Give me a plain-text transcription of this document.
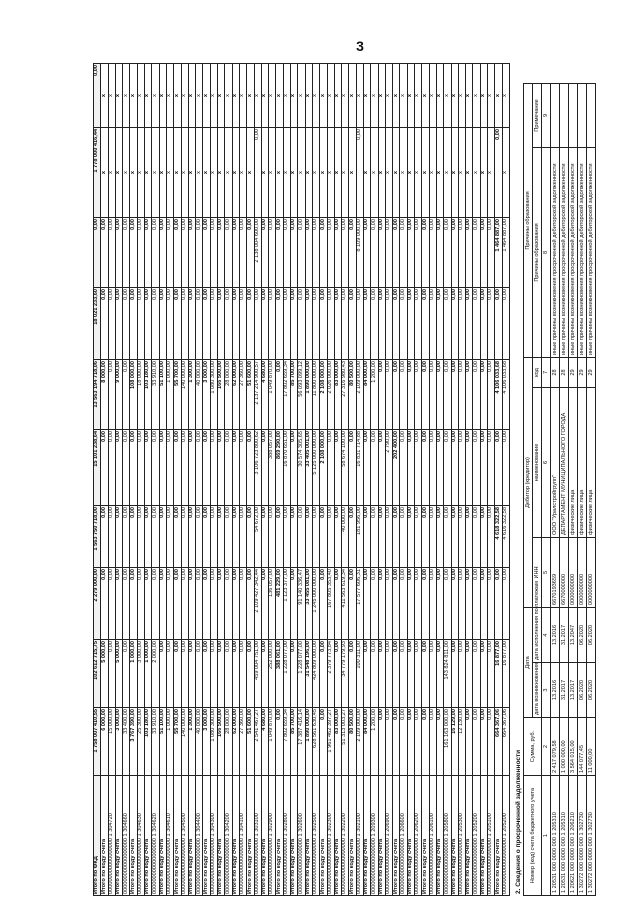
3
Итого по ФКД	1 758 007 410,55	102 612 715,75	2 279 000,00	1 563 750 718,00	15 101 238,64	13 563 194 718,06	18 021 233,60	0,00	1 778 000 416,44	0,00
Итого по коду счета	6 000,00	5 000,00	0,00	0,00	0,00	8 000,00	0,00	0,00	х	х
000000000000000000 1 304720	15 000,00	0,00	0,00	0,00	0,00	0,00	0,00	0,00	х	х
Итого по коду счета	3 000,00	5 000,00	0,00	0,00	0,00	9 000,00	0,00	0,00	х	х
000000000000000000 1 304660	33 400,00	0,00	0,00	0,00	0,00	0,00	0,00	0,00	х	х
Итого по коду счета	3 767 390,00	1 000,00	0,00	0,00	0,00	108 000,00	0,00	0,00	х	х
000000000000000000 1 304630	25 300,00	3 000,00	0,00	0,00	0,00	18 000,00	0,00	0,00	х	х
Итого по коду счета	103 180,00	1 000,00	0,00	0,00	0,00	103 180,00	0,00	0,00	х	х
000000000000000000 1 304620	33 910,00	2 000,00	0,00	0,00	0,00	33 910,00	0,00	0,00	х	х
Итого по коду счета	51 100,00	0,00	0,00	0,00	0,00	51 100,00	0,00	0,00	х	х
000000000000000000 1 304610	1 000,00	0,00	0,00	0,00	0,00	1 000,00	0,00	0,00	х	х
Итого по коду счета	55 700,00	0,00	0,00	0,00	0,00	55 700,00	0,00	0,00	х	х
000000000000000000 1 304500	140 000,00	0,00	0,00	0,00	0,00	140 000,00	0,00	0,00	х	х
Итого по коду счета	1 300,00	0,00	0,00	0,00	0,00	1 300,00	0,00	0,00	х	х
000000000000000000 1 304400	40 000,00	0,00	0,00	0,00	0,00	40 000,00	0,00	0,00	х	х
Итого по коду счета	3 000,00	0,00	0,00	0,00	0,00	3 000,00	0,00	0,00	х	х
000000000000000000 1 304300	1 080 300,00	0,00	0,00	0,00	0,00	1 080 300,00	0,00	0,00	х	х
Итого по коду счета	166 500,00	0,00	0,00	0,00	0,00	166 500,00	0,00	0,00	х	х
000000000000000000 1 304200	28 000,00	0,00	0,00	0,00	0,00	28 000,00	0,00	0,00	х	х
Итого по коду счета	62 000,00	0,00	0,00	0,00	0,00	62 000,00	0,00	0,00	х	х
000000000000000000 1 304100	27 360,00	0,00	0,00	0,00	0,00	27 360,00	0,00	0,00	х	х
Итого по коду счета	51 600,00	0,00	0,00	0,00	0,00	51 600,00	0,00	0,00	х	х
000000000000000000 1 303100	2 541 467,27	459 004 751,00	2 109 427 342,44	54 672,00	3 106 723 800,62	2 137 214 900,57	0,00	2 138 004 600,00	0,00	х
Итого по коду счета	4 680,00	0,00	0,00	0,00	0,00	4 680,00	0,00	0,00	х	х
000000000000000000 1 302900	1 049 870,00	252 000,00	136 057,00	0,00	388 057,00	1 049 870,00	0,00	0,00	х	х
Итого по коду счета	0,00	388 061,00	481 229,00	0,00	869 290,00	0,00	0,00	0,00	х	х
000000000000000000 1 302800	7 802 659,34	1 228 077,00	1 123 377,00	0,00	16 870 651,00	17 802 659,34	0,00	0,00	х	х
Итого по коду счета	85 700,00	0,00	0,00	0,00	0,00	85 700,00	0,00	0,00	х	х
000000000000000000 1 302600	17 387 416,14	1 228 077,00	91 140 336,47	0,00	30 574 305,65	56 093 099,12	0,00	0,00	х	х
Итого по коду счета	1 890 000,00	31 548 196,00	33 455 081,00	0,00	33 405 001,00	1 890 000,00	0,00	0,00	х	х
000000000000000000 1 302500	628 561 630,45	424 809 000,00	1 245 000 000,00	0,00	5 125 000 000,00	11 800 000,00	0,00	0,00	х	х
Итого по коду счета	0,00	0,00	0,00	0,00	2 108 000,00	2 108 000,00	0,00	0,00	х	х
000000000000000000 1 302300	1 961 462 397,27	2 379 773,84	167 805 353,40	0,00	0,00	2 026 000,00	0,00	0,00	х	х
Итого по коду счета	83 000,00	0,00	0,00	0,00	0,00	83 000,00	0,00	0,00	х	х
000000000000000000 1 302200	51 313 003,27	34 779 179,93	411 563 619,34	40 000,00	58 674 100,00	27 316 980,43	0,00	0,00	х	х
Итого по коду счета	80 500,00	0,00	0,00	0,00	0,00	80 500,00	0,00	0,00	х	х
000000000000000000 1 302100	2 109 000,00	100 311,00	17 577 606,31	181 956,00	16 831 714,88	2 109 000,00	0,00	8 109 000,00	0,00	х
Итого по коду счета	84 000,00	0,00	0,00	0,00	0,00	84 000,00	0,00	0,00	х	х
000000000000000000 1 209300	1 200,00	0,00	0,00	0,00	0,00	1 200,00	0,00	0,00	х	х
Итого по коду счета	0,00	0,00	0,00	0,00	0,00	0,00	0,00	0,00	х	х
000000000000000000 1 206900	0,00	0,00	0,00	0,00	2 790,00	0,00	0,00	0,00	х	х
Итого по коду счета	0,00	0,00	0,00	0,00	202 400,00	0,00	0,00	0,00	х	х
000000000000000000 1 206600	0,00	0,00	0,00	0,00	0,00	0,00	0,00	0,00	х	х
Итого по коду счета	0,00	0,00	0,00	0,00	0,00	0,00	0,00	0,00	х	х
000000000000000000 1 206200	0,00	0,00	0,00	0,00	0,00	0,00	0,00	0,00	х	х
Итого по коду счета	0,00	0,00	0,00	0,00	0,00	0,00	0,00	0,00	х	х
000000000000000000 1 206100	0,00	0,00	0,00	0,00	0,00	0,00	0,00	0,00	х	х
Итого по коду счета	0,00	0,00	0,00	0,00	0,00	0,00	0,00	0,00	х	х
000000000000000000 1 205800	161 163 000,00	143 824 811,00	0,00	0,00	0,00	0,00	0,00	0,00	х	х
Итого по коду счета	16 129,00	0,00	0,00	0,00	0,00	0,00	0,00	0,00	х	х
000000000000000000 1 205300	12 130,00	0,00	0,00	0,00	0,00	0,00	0,00	0,00	х	х
Итого по коду счета	0,00	0,00	0,00	0,00	0,00	0,00	0,00	0,00	х	х
000000000000000000 1 205200	0,00	0,00	0,00	0,00	0,00	0,00	0,00	0,00	х	х
Итого по коду счета	0,00	0,00	0,00	0,00	0,00	0,00	0,00	0,00	х	х
000000000000000000 1 205100	0,00	0,00	0,00	0,00	0,00	0,00	0,00	0,00	х	х
Итого по коду счета	664 367,06	16 877,00	0,00	4 618 322,58	0,00	4 106 033,68	0,00	1 464 887,00	0,00	х
000000000000000000 1 205200	664 367,06	16 877,00	0,00	4 616 322,58	0,00	4 106 033,68	0,00	1 464 887,00	х	х
2. Сведения о просроченной задолженности Номер (код) счета бюджетного учета	Сумма, руб.	Дата		Дебитор (кредитор)			Причины образования	
		дата возникновения	дата исполнения по платежам	ИНН	наименование	код	Причины образования	Примечание
1	2	3	4	5	6	7	8	9
1 20531 000 0000 000 1 205310	2 417 079,58	13.2016	13.2016	6670193659	ООО "Уралстройгрупп"	28	иные причины возникновения просроченной дебиторской задолженности	
1 20531 000 0000 000 1 205310	1 000 000,00	31.2017	31.2017	6670000000	ДЕПАРТАМЕНТ МУНИЦИПАЛЬНОГО ГОРОДА	28	иные причины возникновения просроченной дебиторской задолженности	
1 20621 000 0000 000 1 206210	3 564 015,00	13.2017	13.2047	0000000000	физические лица	29	иные причины возникновения просроченной дебиторской задолженности	
1 30272 000 0000 000 1 302730	144 077,45	06.2020	06.2020	0000000000	физические лица	29	иные причины возникновения просроченной дебиторской задолженности	
1 30272 000 0000 000 1 302730	11 000,00	06.2020	06.2020	0000000000	физические лица	29	иные причины возникновения просроченной дебиторской задолженности	
